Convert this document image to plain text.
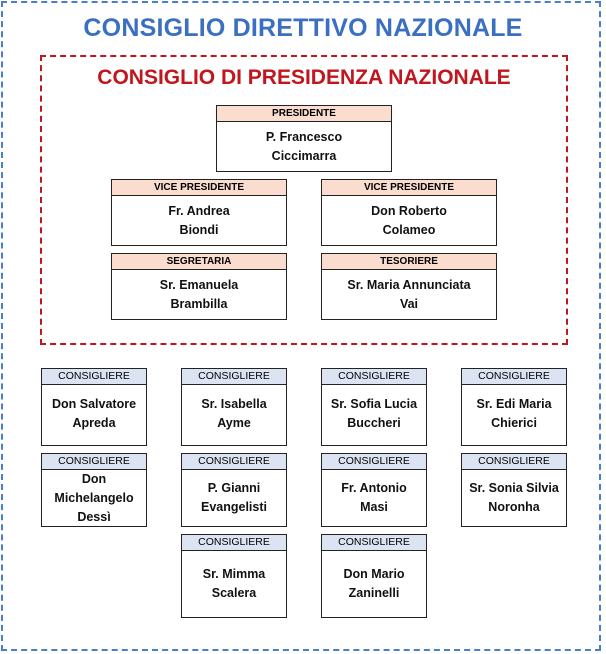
CONSIGLIO DIRETTIVO NAZIONALE
CONSIGLIO DI PRESIDENZA NAZIONALE
PRESIDENTE
P. Francesco
Ciccimarra
VICE PRESIDENTE
Fr. Andrea
Biondi
VICE PRESIDENTE
Don Roberto
Colameo
SEGRETARIA
Sr. Emanuela
Brambilla
TESORIERE
Sr. Maria Annunciata
Vai
CONSIGLIERE
Don Salvatore
Apreda
CONSIGLIERE
Sr. Isabella
Ayme
CONSIGLIERE
Sr. Sofia Lucia
Buccheri
CONSIGLIERE
Sr. Edi Maria
Chierici
CONSIGLIERE
Don
Michelangelo
Dessì
CONSIGLIERE
P. Gianni
Evangelisti
CONSIGLIERE
Fr. Antonio
Masi
CONSIGLIERE
Sr. Sonia Silvia
Noronha
CONSIGLIERE
Sr. Mimma
Scalera
CONSIGLIERE
Don Mario
Zaninelli
